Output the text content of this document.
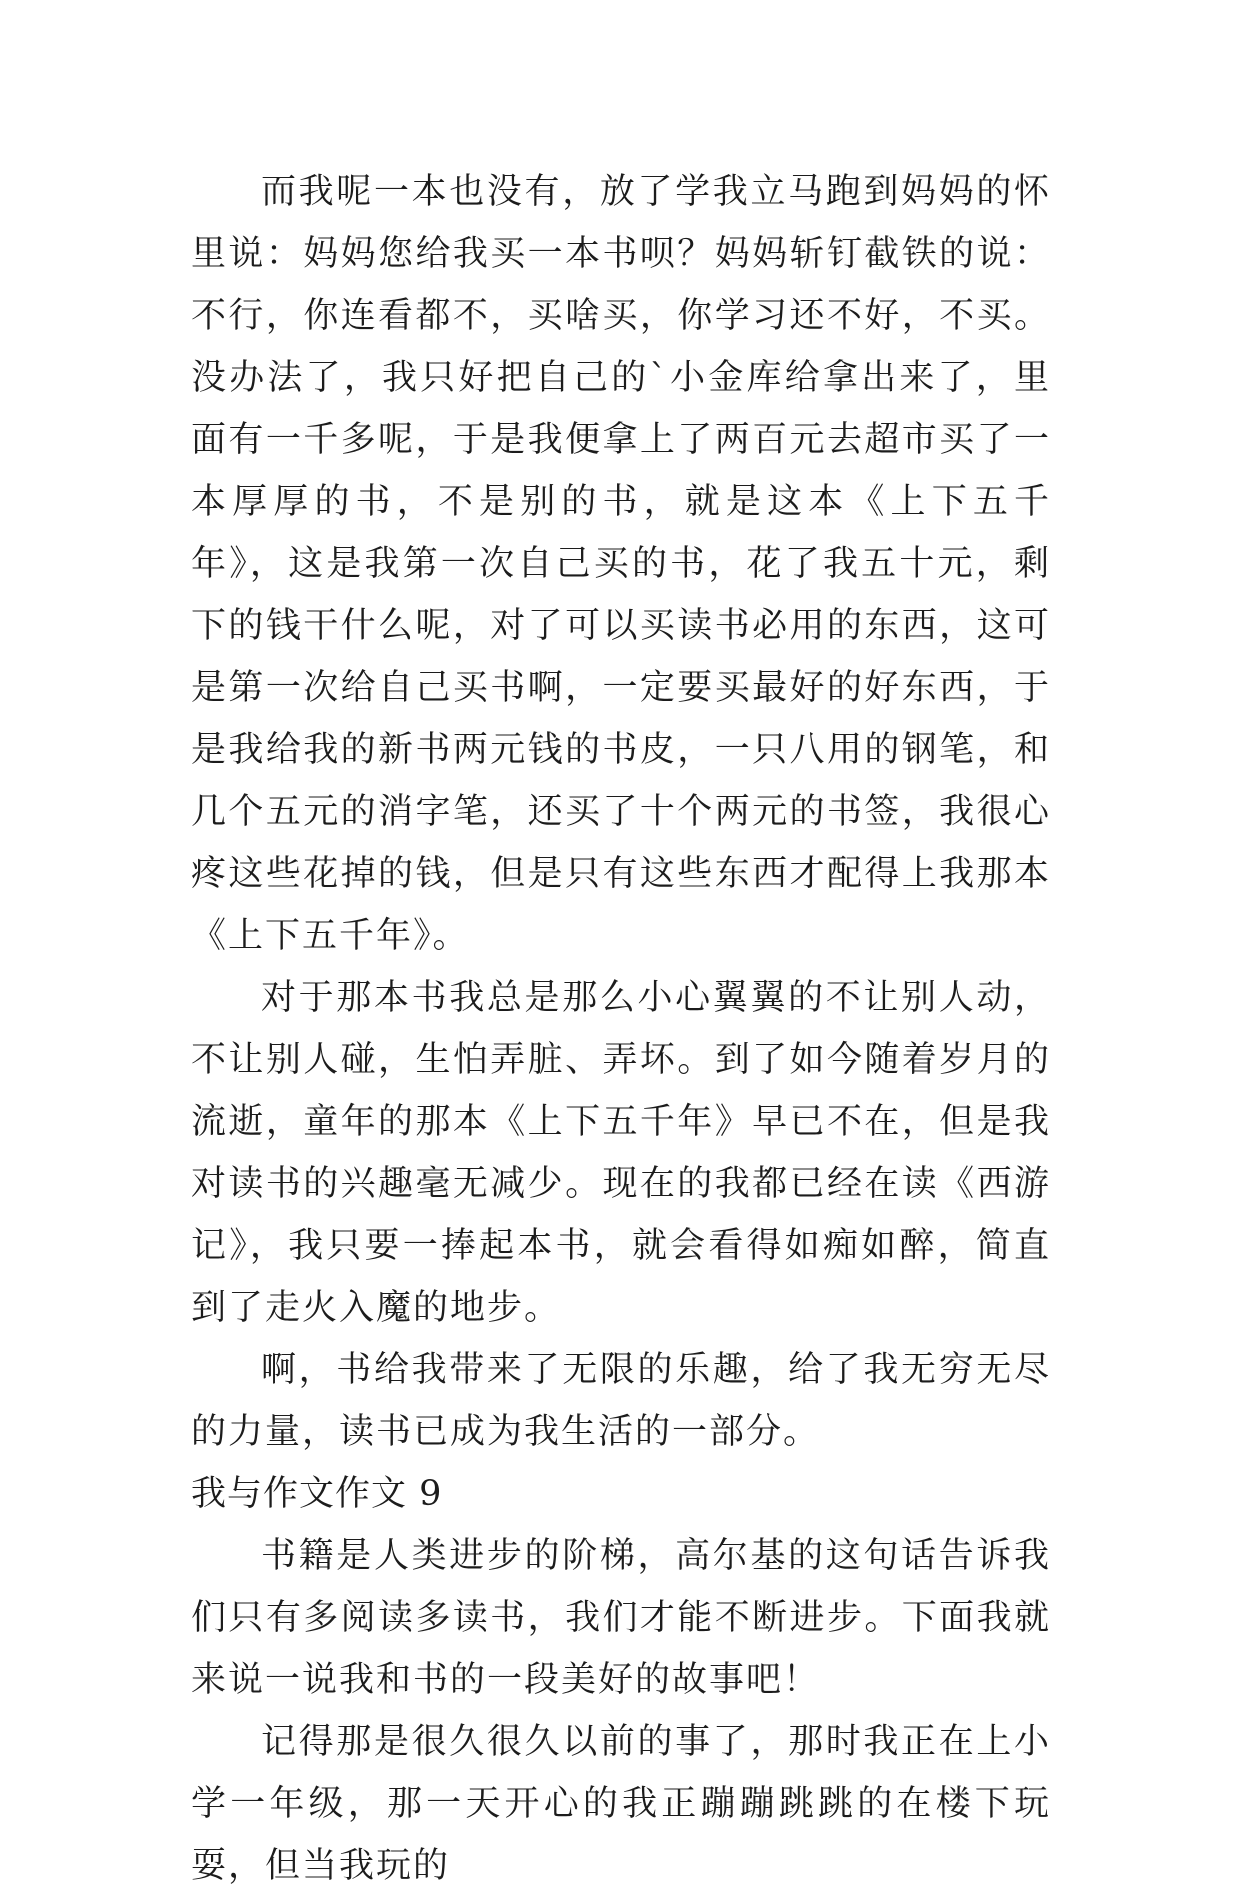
而我呢一本也没有，放了学我立马跑到妈妈的怀里说：妈妈您给我买一本书呗？妈妈斩钉截铁的说：不行，你连看都不，买啥买，你学习还不好，不买。没办法了，我只好把自己的`小金库给拿出来了，里面有一千多呢，于是我便拿上了两百元去超市买了一本厚厚的书，不是别的书，就是这本《上下五千年》，这是我第一次自己买的书，花了我五十元，剩下的钱干什么呢，对了可以买读书必用的东西，这可是第一次给自己买书啊，一定要买最好的好东西，于是我给我的新书两元钱的书皮，一只八用的钢笔，和几个五元的消字笔，还买了十个两元的书签，我很心疼这些花掉的钱，但是只有这些东西才配得上我那本《上下五千年》。

对于那本书我总是那么小心翼翼的不让别人动，不让别人碰，生怕弄脏、弄坏。到了如今随着岁月的流逝，童年的那本《上下五千年》早已不在，但是我对读书的兴趣毫无减少。现在的我都已经在读《西游记》，我只要一捧起本书，就会看得如痴如醉，简直到了走火入魔的地步。

啊，书给我带来了无限的乐趣，给了我无穷无尽的力量，读书已成为我生活的一部分。

我与作文作文 9

书籍是人类进步的阶梯，高尔基的这句话告诉我们只有多阅读多读书，我们才能不断进步。下面我就来说一说我和书的一段美好的故事吧！

记得那是很久很久以前的事了，那时我正在上小学一年级，那一天开心的我正蹦蹦跳跳的在楼下玩耍，但当我玩的
